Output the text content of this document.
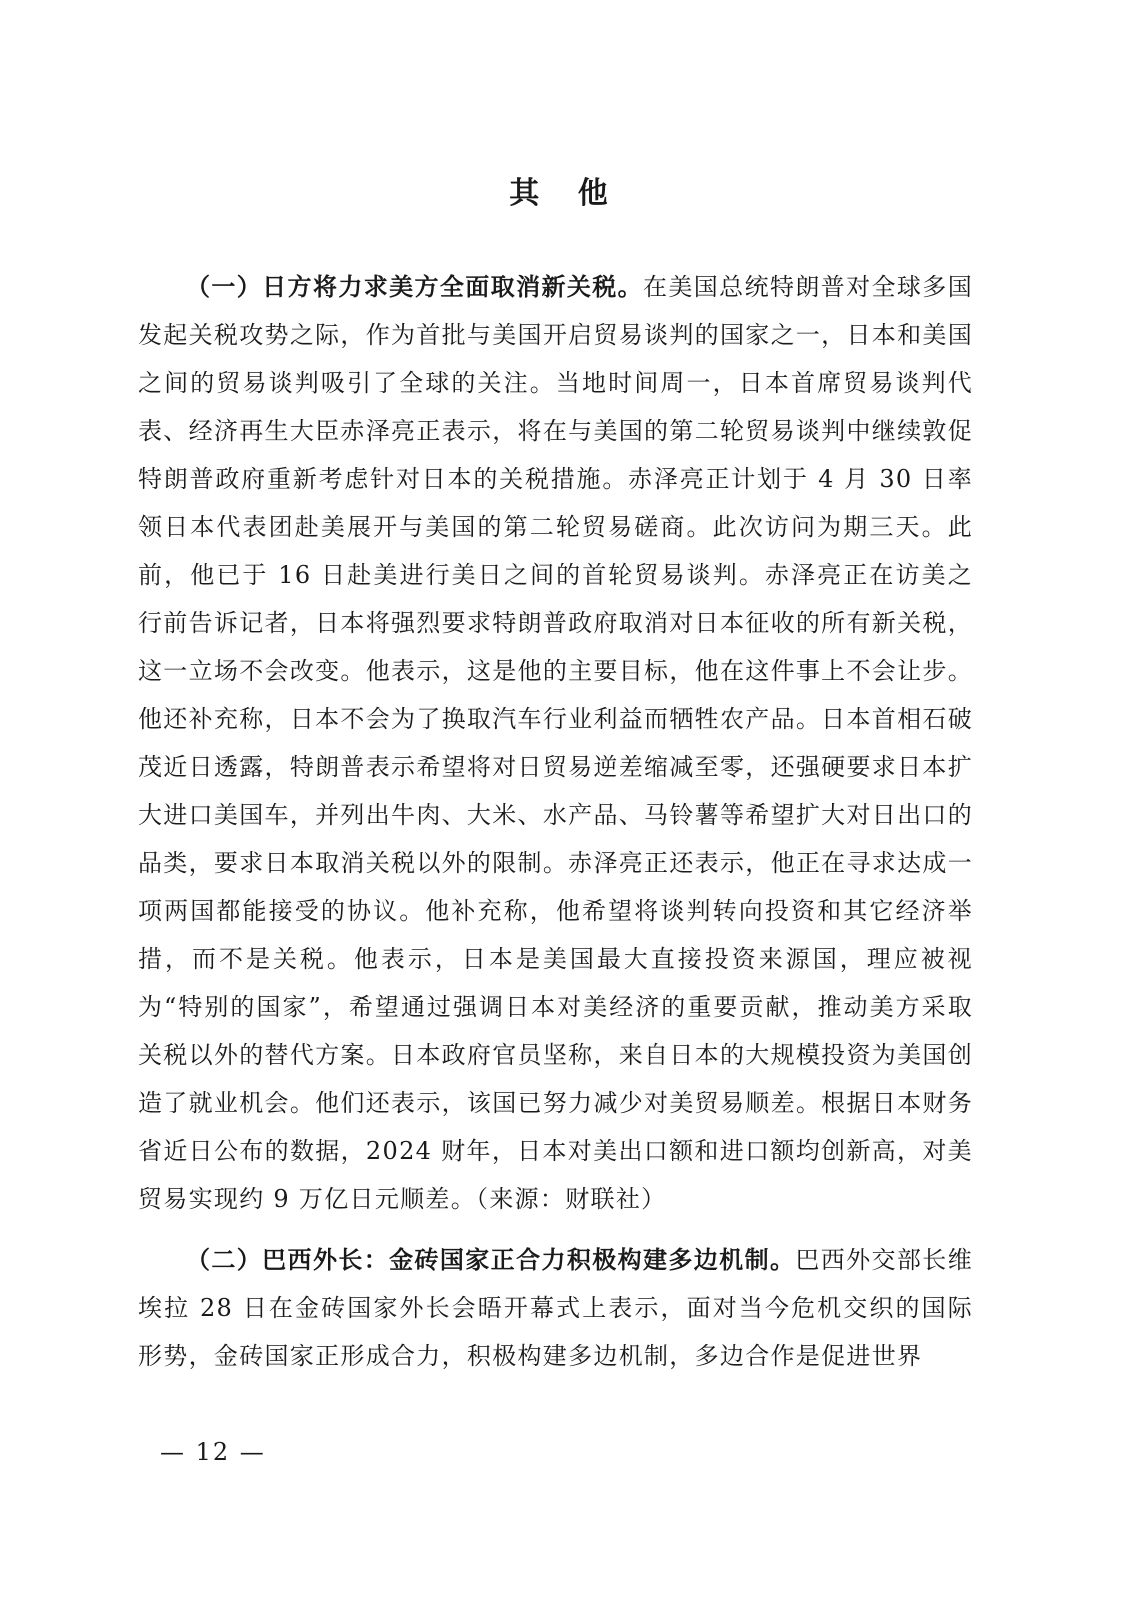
其 他

（一）日方将力求美方全面取消新关税。在美国总统特朗普对全球多国发起关税攻势之际，作为首批与美国开启贸易谈判的国家之一，日本和美国之间的贸易谈判吸引了全球的关注。当地时间周一，日本首席贸易谈判代表、经济再生大臣赤泽亮正表示，将在与美国的第二轮贸易谈判中继续敦促特朗普政府重新考虑针对日本的关税措施。赤泽亮正计划于 4 月 30 日率领日本代表团赴美展开与美国的第二轮贸易磋商。此次访问为期三天。此前，他已于 16 日赴美进行美日之间的首轮贸易谈判。赤泽亮正在访美之行前告诉记者，日本将强烈要求特朗普政府取消对日本征收的所有新关税，这一立场不会改变。他表示，这是他的主要目标，他在这件事上不会让步。他还补充称，日本不会为了换取汽车行业利益而牺牲农产品。日本首相石破茂近日透露，特朗普表示希望将对日贸易逆差缩减至零，还强硬要求日本扩大进口美国车，并列出牛肉、大米、水产品、马铃薯等希望扩大对日出口的品类，要求日本取消关税以外的限制。赤泽亮正还表示，他正在寻求达成一项两国都能接受的协议。他补充称，他希望将谈判转向投资和其它经济举措，而不是关税。他表示，日本是美国最大直接投资来源国，理应被视为“特别的国家”，希望通过强调日本对美经济的重要贡献，推动美方采取关税以外的替代方案。日本政府官员坚称，来自日本的大规模投资为美国创造了就业机会。他们还表示，该国已努力减少对美贸易顺差。根据日本财务省近日公布的数据，2024 财年，日本对美出口额和进口额均创新高，对美贸易实现约 9 万亿日元顺差。（来源：财联社）

（二）巴西外长：金砖国家正合力积极构建多边机制。巴西外交部长维埃拉 28 日在金砖国家外长会晤开幕式上表示，面对当今危机交织的国际形势，金砖国家正形成合力，积极构建多边机制，多边合作是促进世界

— 12 —
